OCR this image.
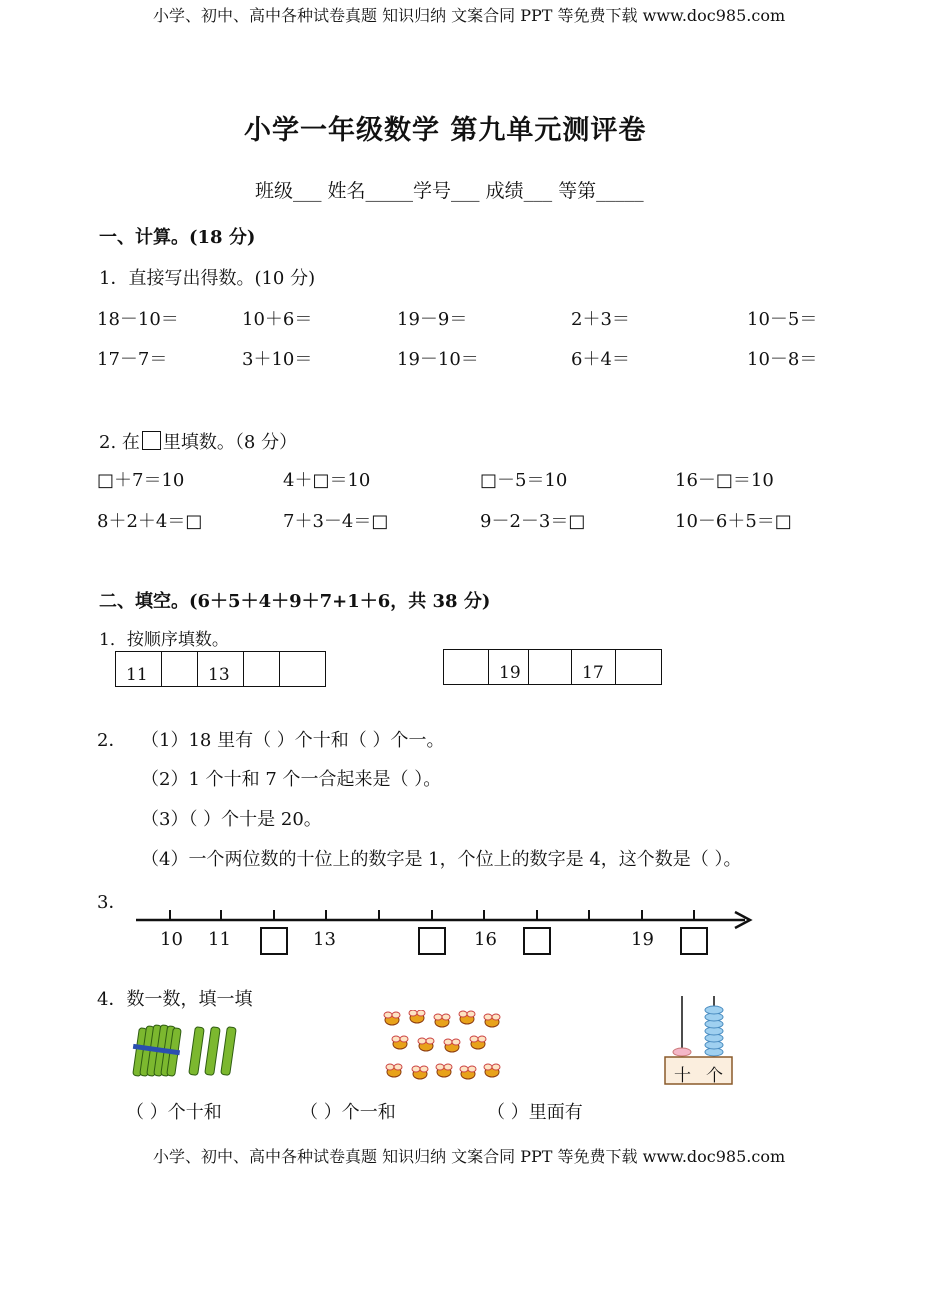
小学、初中、高中各种试卷真题 知识归纳 文案合同 PPT 等免费下载 www.doc985.com
小学一年级数学 第九单元测评卷
班级___ 姓名_____学号___ 成绩___ 等第_____
一、计算。(18 分)
1．直接写出得数。(10 分)
18－10＝	10＋6＝	19－9＝	2＋3＝	10－5＝
17－7＝	3＋10＝	19－10＝	6＋4＝	10－8＝
2. 在 里填数。（8 分）
□＋7＝10	4＋□＝10	□－5＝10	16－□＝10
8＋2＋4＝□	7＋3－4＝□	9－2－3＝□	10－6＋5＝□
二、填空。(6＋5＋4＋9＋7+1＋6，共 38 分)
1．按顺序填数。
11	13	19	17
2． （1）18 里有（ ）个十和（ ）个一。
（2）1 个十和 7 个一合起来是（ ）。
（3）（ ）个十是 20。
（4）一个两位数的十位上的数字是 1，个位上的数字是 4，这个数是（ ）。
3．
10 11	13	16	19
4．数一数，填一填
十 个
（ ）个十和	（ ）个一和	（ ）里面有
小学、初中、高中各种试卷真题 知识归纳 文案合同 PPT 等免费下载 www.doc985.com
